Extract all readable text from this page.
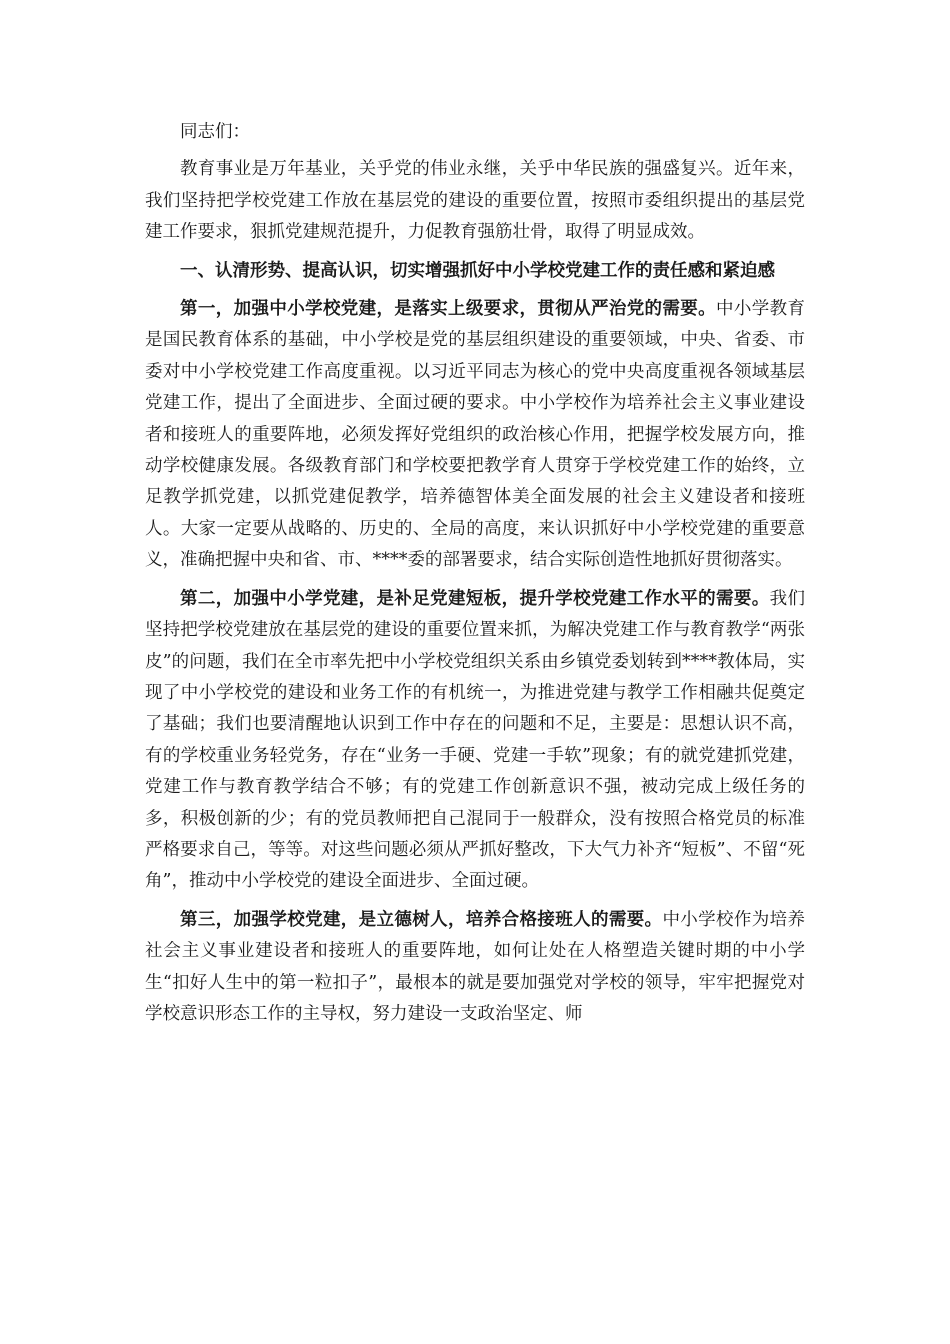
同志们：

教育事业是万年基业，关乎党的伟业永继，关乎中华民族的强盛复兴。近年来，我们坚持把学校党建工作放在基层党的建设的重要位置，按照市委组织提出的基层党建工作要求，狠抓党建规范提升，力促教育强筋壮骨，取得了明显成效。

一、认清形势、提高认识，切实增强抓好中小学校党建工作的责任感和紧迫感

第一，加强中小学校党建，是落实上级要求，贯彻从严治党的需要。中小学教育是国民教育体系的基础，中小学校是党的基层组织建设的重要领域，中央、省委、市委对中小学校党建工作高度重视。以习近平同志为核心的党中央高度重视各领域基层党建工作，提出了全面进步、全面过硬的要求。中小学校作为培养社会主义事业建设者和接班人的重要阵地，必须发挥好党组织的政治核心作用，把握学校发展方向，推动学校健康发展。各级教育部门和学校要把教学育人贯穿于学校党建工作的始终，立足教学抓党建，以抓党建促教学，培养德智体美全面发展的社会主义建设者和接班人。大家一定要从战略的、历史的、全局的高度，来认识抓好中小学校党建的重要意义，准确把握中央和省、市、****委的部署要求，结合实际创造性地抓好贯彻落实。

第二，加强中小学党建，是补足党建短板，提升学校党建工作水平的需要。我们坚持把学校党建放在基层党的建设的重要位置来抓，为解决党建工作与教育教学“两张皮”的问题，我们在全市率先把中小学校党组织关系由乡镇党委划转到****教体局，实现了中小学校党的建设和业务工作的有机统一，为推进党建与教学工作相融共促奠定了基础；我们也要清醒地认识到工作中存在的问题和不足，主要是：思想认识不高，有的学校重业务轻党务，存在“业务一手硬、党建一手软”现象；有的就党建抓党建，党建工作与教育教学结合不够；有的党建工作创新意识不强，被动完成上级任务的多，积极创新的少；有的党员教师把自己混同于一般群众，没有按照合格党员的标准严格要求自己，等等。对这些问题必须从严抓好整改，下大气力补齐“短板”、不留“死角”，推动中小学校党的建设全面进步、全面过硬。

第三，加强学校党建，是立德树人，培养合格接班人的需要。中小学校作为培养社会主义事业建设者和接班人的重要阵地，如何让处在人格塑造关键时期的中小学生“扣好人生中的第一粒扣子”，最根本的就是要加强党对学校的领导，牢牢把握党对学校意识形态工作的主导权，努力建设一支政治坚定、师
